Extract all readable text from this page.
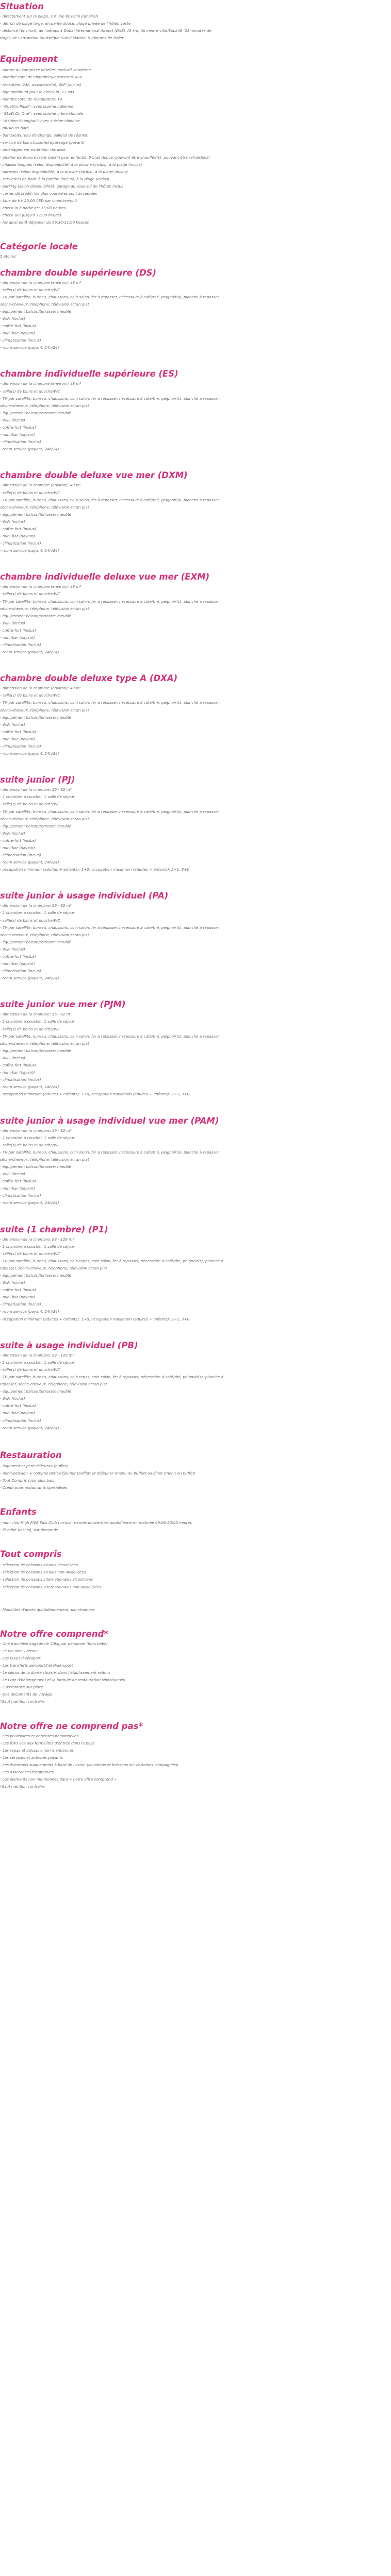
Situation
- directement sur la plage, sur une île Palm Jumeirah
- détroit de plage large, en pente douce, plage privée de l'hôtel: vaste
- distance (environ): de l'aéroport Dubai International Airport (DXB) 45 km, du centre-ville/Souk46, 25 minutes de
trajet, de l'attraction touristique Dubai Marina: 5 minutes de trajet
Equipement
- nature du complexe hôtelier: exclusif, moderne
- nombre total de chambres/logements: 470
- réception: 24h, assistance(s), WiFi (inclus)
- âge minimum pour le check-in: 21 ans
- nombre total de restaurants: 14
- "Quattro Passi": avec cuisine italienne
- "BLVD On One": avec cuisine internationale
- "Maiden Shanghai": avec cuisine chinoise
- plusieurs bars
- banque/bureau de change, salle(s) de réunion
- service de blanchisserie/repassage (payant)
- aménagement extérieur: terrasse
- piscine extérieure (sans bassin pour enfants): 5 bras douce, pouvant être chauffée(s), pouvant être rafraichies(
- chaises longues (selon disponibilité) à la piscine (inclus), à la plage (inclus)
- parasols (selon disponibilité) à la piscine (inclus), à la plage (inclus)
- serviettes de bain: à la piscine (inclus), à la plage (inclus)
- parking (selon disponibilité): garage au sous-sol de l'hôtel: inclus
- cartes de crédit: les plus courantes sont acceptées
- taux de tri: 20,00 AED par chambre/nuit
- check-in à partir de: 15:00 heures
- check-out jusqu'à 12:00 heures
- les ainsi petit-déjeuner du 06:30-11:00 heures
Catégorie locale
5 étoiles
chambre double supérieure (DS)
- dimension de la chambre (environ): 48 m²
- salle(s) de bains et douche/WC
- TV par satellite, bureau, chaussons, coin salon, fer à repasser, nécessaire à café/thé, peignoir(s), planche à repasser,
sèche-cheveux, téléphone, télévision écran plat
- équipement balcon/terrasse: meublé
- WiFi (inclus)
- coffre-fort (inclus)
- mini-bar (payant)
- climatisation (inclus)
- room service (payant, 24h/24)
chambre individuelle supérieure (ES)
- dimension de la chambre (environ): 48 m²
- salle(s) de bains et douche/WC
- TV par satellite, bureau, chaussons, coin salon, fer à repasser, nécessaire à café/thé, peignoir(s), planche à repasser,
sèche-cheveux, téléphone, télévision écran plat
- équipement balcon/terrasse: meublé
- WiFi (inclus)
- coffre-fort (inclus)
- mini-bar (payant)
- climatisation (inclus)
- room service (payant, 24h/24)
chambre double deluxe vue mer (DXM)
- dimension de la chambre (environ): 48 m²
- salle(s) de bains et douche/WC
- TV par satellite, bureau, chaussons, coin salon, fer à repasser, nécessaire à café/thé, peignoir(s), planche à repasser,
sèche-cheveux, téléphone, télévision écran plat
- équipement balcon/terrasse: meublé
- WiFi (inclus)
- coffre-fort (inclus)
- mini-bar (payant)
- climatisation (inclus)
- room service (payant, 24h/24)
chambre individuelle deluxe vue mer (EXM)
- dimension de la chambre (environ): 48 m²
- salle(s) de bains et douche/WC
- TV par satellite, bureau, chaussons, coin salon, fer à repasser, nécessaire à café/thé, peignoir(s), planche à repasser,
sèche-cheveux, téléphone, télévision écran plat
- équipement balcon/terrasse: meublé
- WiFi (inclus)
- coffre-fort (inclus)
- mini-bar (payant)
- climatisation (inclus)
- room service (payant, 24h/24)
chambre double deluxe type A (DXA)
- dimension de la chambre (environ): 48 m²
- salle(s) de bains et douche/WC
- TV par satellite, bureau, chaussons, coin salon, fer à repasser, nécessaire à café/thé, peignoir(s), planche à repasser,
sèche-cheveux, téléphone, télévision écran plat
- équipement balcon/terrasse: meublé
- WiFi (inclus)
- coffre-fort (inclus)
- mini-bar (payant)
- climatisation (inclus)
- room service (payant, 24h/24)
suite junior (PJ)
- dimension de la chambre: 56 - 82 m²
- 1 chambre à coucher, 1 salle de séjour
- salle(s) de bains et douche/WC
- TV par satellite, bureau, chaussons, coin salon, fer à repasser, nécessaire à café/thé, peignoir(s), planche à repasser,
sèche-cheveux, téléphone, télévision écran plat
- équipement balcon/terrasse: meublé
- WiFi (inclus)
- coffre-fort (inclus)
- mini-bar (payant)
- climatisation (inclus)
- room service (payant, 24h/24)
- occupation minimum (adultes + enfants): 1+0, occupation maximum (adultes + enfants): 2+1, 3+0
suite junior à usage individuel (PA)
- dimension de la chambre: 56 - 82 m²
- 1 chambre à coucher, 1 salle de séjour
- salle(s) de bains et douche/WC
- TV par satellite, bureau, chaussons, coin salon, fer à repasser, nécessaire à café/thé, peignoir(s), planche à repasser,
sèche-cheveux, téléphone, télévision écran plat
- équipement balcon/terrasse: meublé
- WiFi (inclus)
- coffre-fort (inclus)
- mini-bar (payant)
- climatisation (inclus)
- room service (payant, 24h/24)
suite junior vue mer (PJM)
- dimension de la chambre: 56 - 82 m²
- 1 chambre à coucher, 1 salle de séjour
- salle(s) de bains et douche/WC
- TV par satellite, bureau, chaussons, coin salon, fer à repasser, nécessaire à café/thé, peignoir(s), planche à repasser,
sèche-cheveux, téléphone, télévision écran plat
- équipement balcon/terrasse: meublé
- WiFi (inclus)
- coffre-fort (inclus)
- mini-bar (payant)
- climatisation (inclus)
- room service (payant, 24h/24)
- occupation minimum (adultes + enfants): 1+0, occupation maximum (adultes + enfants): 2+1, 3+0
suite junior à usage individuel vue mer (PAM)
- dimension de la chambre: 56 - 82 m²
- 1 chambre à coucher, 1 salle de séjour
- salle(s) de bains et douche/WC
- TV par satellite, bureau, chaussons, coin salon, fer à repasser, nécessaire à café/thé, peignoir(s), planche à repasser,
sèche-cheveux, téléphone, télévision écran plat
- équipement balcon/terrasse: meublé
- WiFi (inclus)
- coffre-fort (inclus)
- mini-bar (payant)
- climatisation (inclus)
- room service (payant, 24h/24)
suite (1 chambre) (P1)
- dimension de la chambre: 98 - 129 m²
- 1 chambre à coucher, 1 salle de séjour
- salle(s) de bains et douche/WC
- TV par satellite, bureau, chaussons, coin repas, coin salon, fer à repasser, nécessaire à café/thé, peignoir(s), planche à
repasser, sèche-cheveux, téléphone, télévision écran plat
- équipement balcon/terrasse: meublé
- WiFi (inclus)
- coffre-fort (inclus)
- mini-bar (payant)
- climatisation (inclus)
- room service (payant, 24h/24)
- occupation minimum (adultes + enfants): 1+0, occupation maximum (adultes + enfants): 2+1, 3+0
suite à usage individuel (PB)
- dimension de la chambre: 98 - 129 m²
- 1 chambre à coucher, 1 salle de séjour
- salle(s) de bains et douche/WC
- TV par satellite, bureau, chaussons, coin repas, coin salon, fer à repasser, nécessaire à café/thé, peignoir(s), planche à
repasser, sèche-cheveux, téléphone, télévision écran plat
- équipement balcon/terrasse: meublé
- WiFi (inclus)
- coffre-fort (inclus)
- mini-bar (payant)
- climatisation (inclus)
- room service (payant, 24h/24)
Restauration
- logement et petit-déjeuner (buffet)
- demi-pension, y compris petit-déjeuner (buffet) et déjeuner (menu ou buffet) ou dîner (menu ou buffet)
- Tout Compris (voir plus bas)
- Crédit pour restaurants spécialisés
Enfants
- mini club High FIVE Kids Club (inclus), heures douverture quotidienne en matinée 09:00-20:00 heures
- lit bébé (inclus), sur demande
Tout compris
- sélection de boissons locales alcoolisées
- sélection de boissons locales non alcoolisées
- sélection de boissons internationales alcoolisées
- sélection de boissons internationales non alcoolisées
- Modalités d'accès quotidiennement, par chambre
Notre offre comprend*
- Une franchise bagage de 23kg par personne (hors bébé)
- Le vol aller / retour
- Les taxes d'aéroport
- Les transferts aéroport/hôtel/aéroport
- Le séjour de la durée choisie, dans l'établissement retenu
- Le type d'hébergement et la formule de restauration sélectionnés
- L'assistance sur place
- Des documents de voyage
*Sauf mention contraire
Notre offre ne comprend pas*
- Les pourboires et dépenses personnelles
- Les frais liés aux formalités d'entrée dans le pays
- Les repas et boissons non mentionnés
- Les services et activités payants
- Les éventuels suppléments à bord de l'avion (collations et boissons sur certaines compagnies)
- Les assurances facultatives
- Les éléments non mentionnés dans « notre offre comprend »
*Sauf mention contraire
